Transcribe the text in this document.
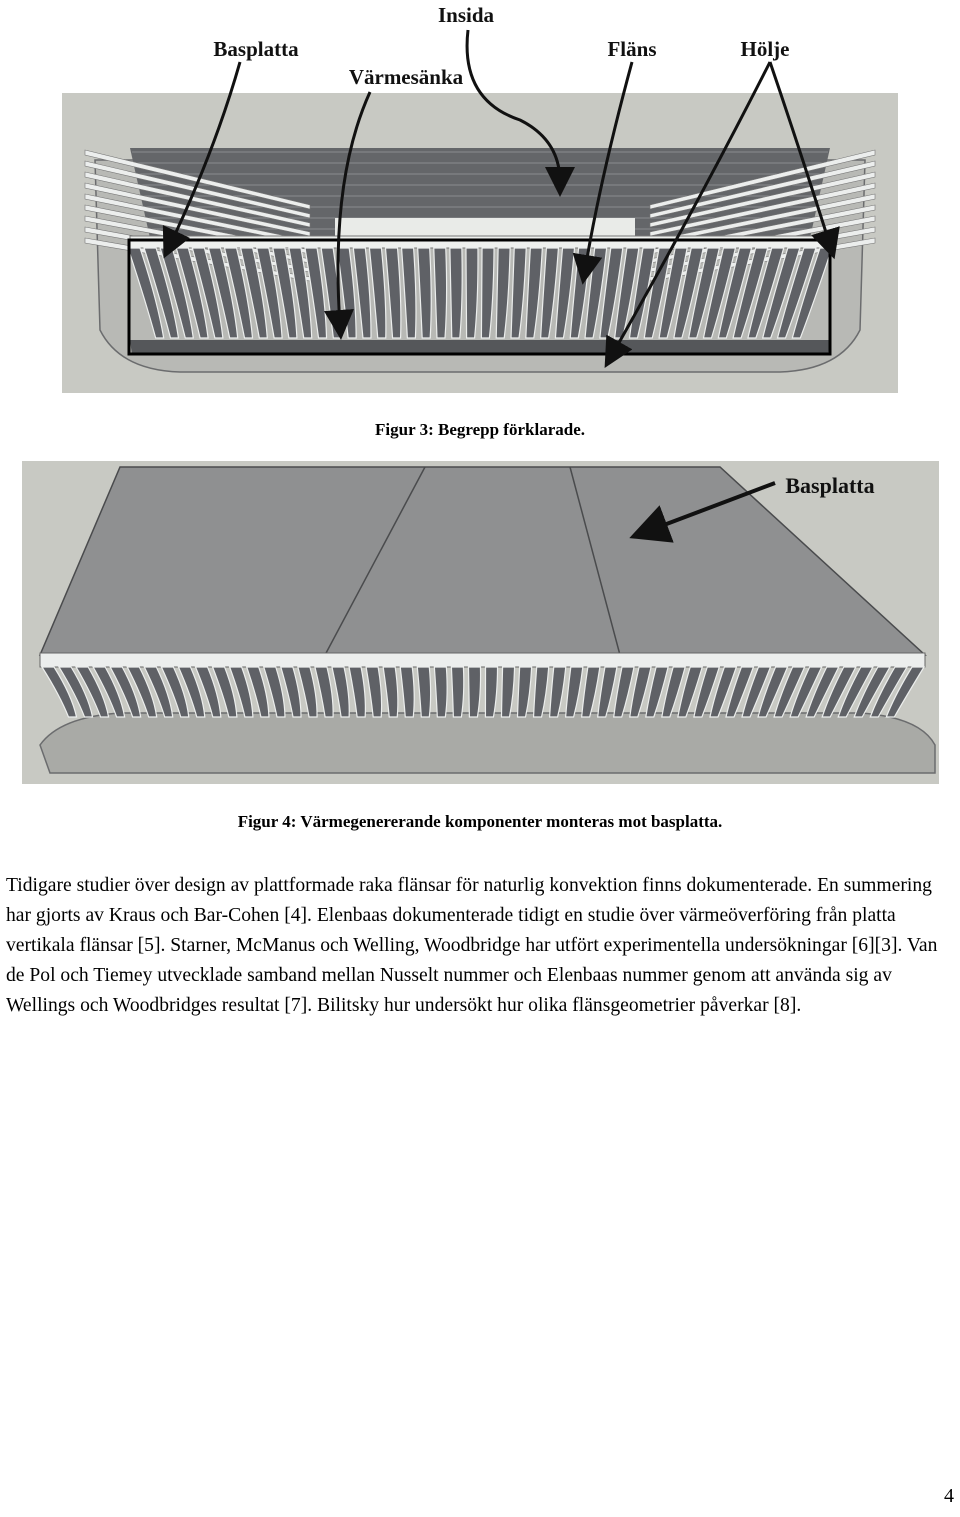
Insida
Basplatta
Värmesänka
Fläns	Hölje
Figur 3: Begrepp förklarade.
Basplatta
Figur 4: Värmegenererande komponenter monteras mot basplatta.

Tidigare studier över design av plattformade raka flänsar för naturlig konvektion finns dokumenterade. En summering har gjorts av Kraus och Bar-Cohen [4]. Elenbaas dokumenterade tidigt en studie över värmeöverföring från platta vertikala flänsar [5]. Starner, McManus och Welling, Woodbridge har utfört experimentella undersökningar [6][3]. Van de Pol och Tiemey utvecklade samband mellan Nusselt nummer och Elenbaas nummer genom att använda sig av Wellings och Woodbridges resultat [7]. Bilitsky hur undersökt hur olika flänsgeometrier påverkar [8].

4
